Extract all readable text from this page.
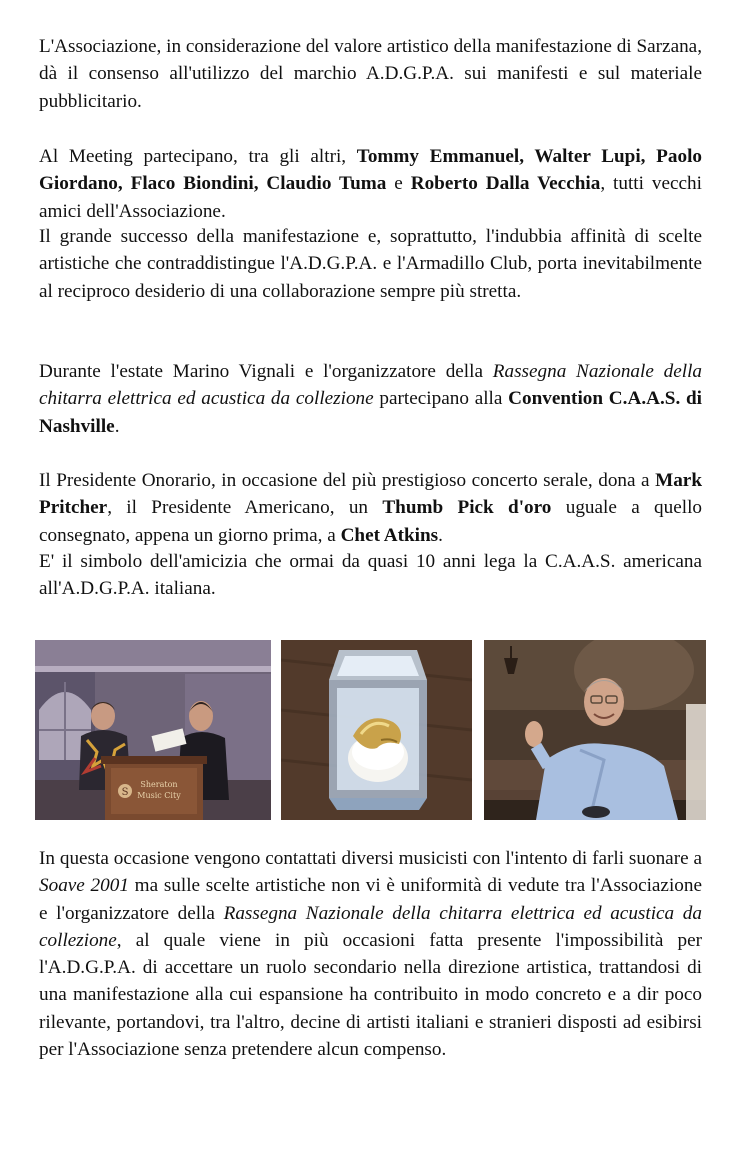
L'Associazione, in considerazione del valore artistico della manifestazione di Sarzana, dà il consenso all'utilizzo del marchio A.D.G.P.A. sui manifesti e sul materiale pubblicitario.

Al Meeting partecipano, tra gli altri, Tommy Emmanuel, Walter Lupi, Paolo Giordano, Flaco Biondini, Claudio Tuma e Roberto Dalla Vecchia, tutti vecchi amici dell'Associazione.

Il grande successo della manifestazione e, soprattutto, l'indubbia affinità di scelte artistiche che contraddistingue l'A.D.G.P.A. e l'Armadillo Club, porta inevitabilmente al reciproco desiderio di una collaborazione sempre più stretta.

Durante l'estate Marino Vignali e l'organizzatore della Rassegna Nazionale della chitarra elettrica ed acustica da collezione partecipano alla Convention C.A.A.S. di Nashville.

Il Presidente Onorario, in occasione del più prestigioso concerto serale, dona a Mark Pritcher, il Presidente Americano, un Thumb Pick d'oro uguale a quello consegnato, appena un giorno prima, a Chet Atkins.

E' il simbolo dell'amicizia che ormai da quasi 10 anni lega la C.A.A.S. americana all'A.D.G.P.A. italiana.

S
Sheraton
Music City

In questa occasione vengono contattati diversi musicisti con l'intento di farli suonare a Soave 2001 ma sulle scelte artistiche non vi è uniformità di vedute tra l'Associazione e l'organizzatore della Rassegna Nazionale della chitarra elettrica ed acustica da collezione, al quale viene in più occasioni fatta presente l'impossibilità per l'A.D.G.P.A. di accettare un ruolo secondario nella direzione artistica, trattandosi di una manifestazione alla cui espansione ha contribuito in modo concreto e a dir poco rilevante, portandovi, tra l'altro, decine di artisti italiani e stranieri disposti ad esibirsi per l'Associazione senza pretendere alcun compenso.
